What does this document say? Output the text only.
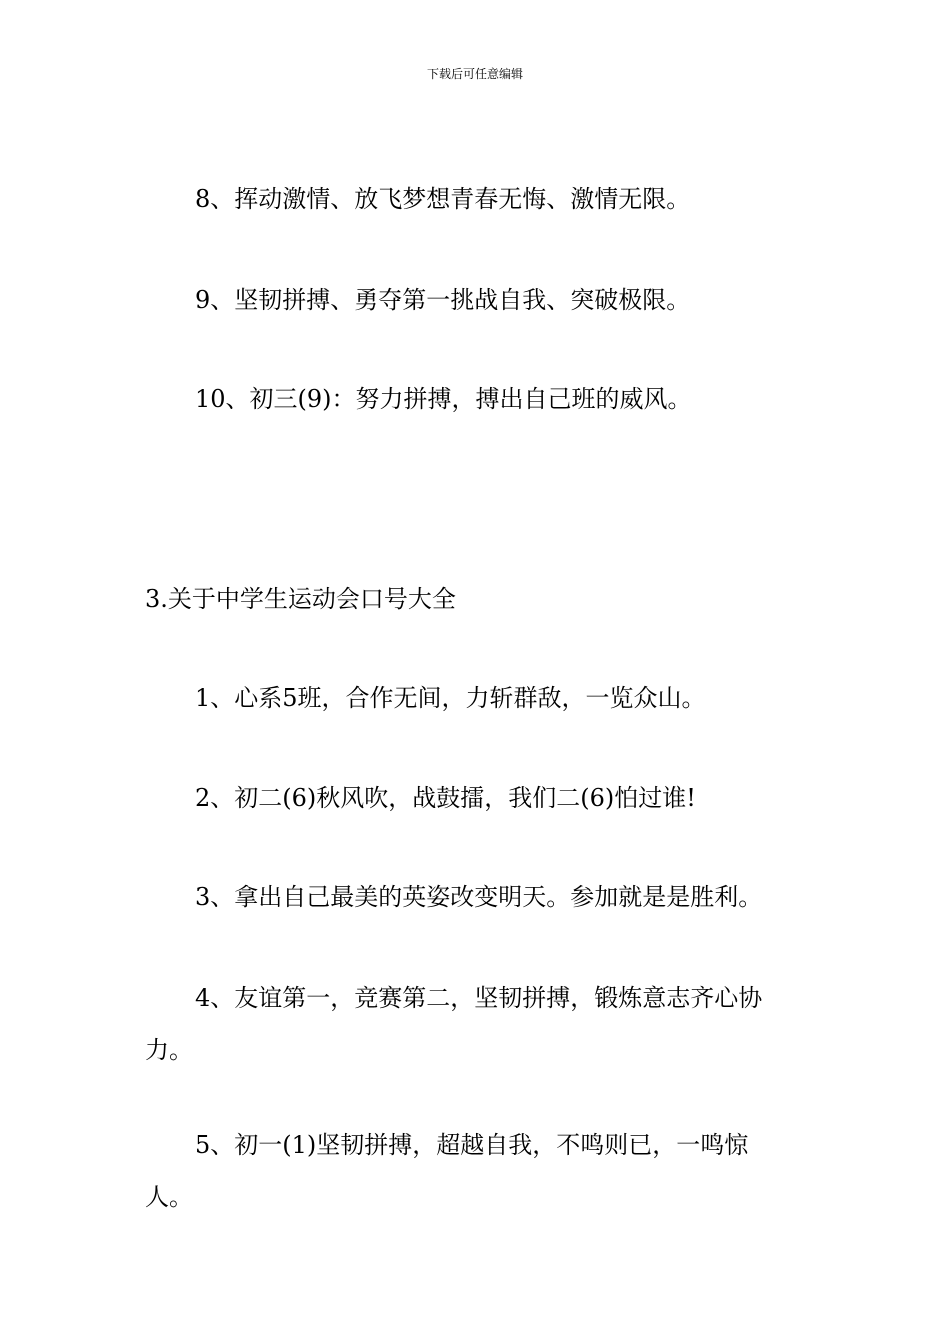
下载后可任意编辑
8、挥动激情、放飞梦想青春无悔、激情无限。
9、坚韧拼搏、勇夺第一挑战自我、突破极限。
10、初三(9)：努力拼搏，搏出自己班的威风。
3.关于中学生运动会口号大全
1、心系5班，合作无间，力斩群敌，一览众山。
2、初二(6)秋风吹，战鼓擂，我们二(6)怕过谁!
3、拿出自己最美的英姿改变明天。参加就是是胜利。
4、友谊第一，竞赛第二，坚韧拼搏，锻炼意志齐心协
力。
5、初一(1)坚韧拼搏，超越自我，不鸣则已，一鸣惊
人。
